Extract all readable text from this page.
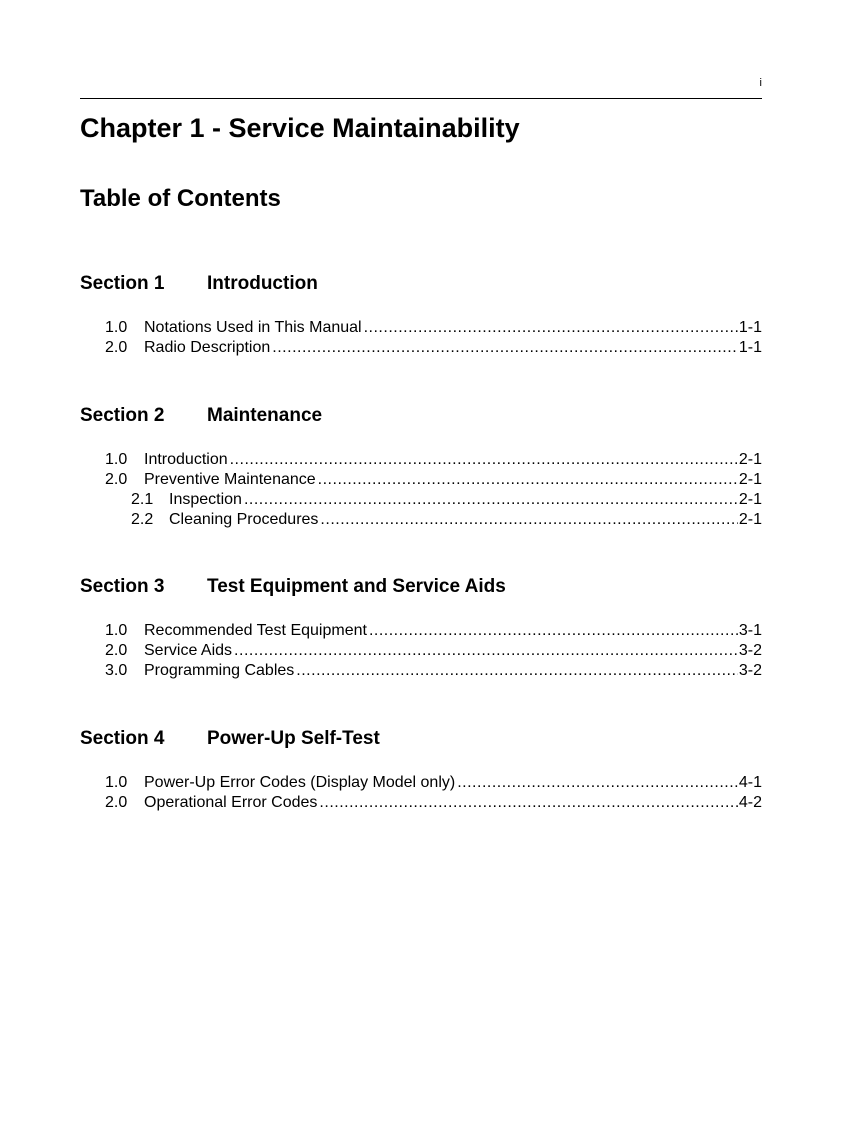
i
Chapter 1 - Service Maintainability
Table of Contents
Section 1 Introduction
1.0	Notations Used in This Manual .....	1-1
2.0	Radio Description .....	1-1
Section 2 Maintenance
1.0	Introduction .....	2-1
2.0	Preventive Maintenance .....	2-1
2.1 Inspection .....	2-1
2.2 Cleaning Procedures .....	2-1
Section 3 Test Equipment and Service Aids
1.0	Recommended Test Equipment .....	3-1
2.0	Service Aids .....	3-2
3.0	Programming Cables .....	3-2
Section 4 Power-Up Self-Test
1.0	Power-Up Error Codes (Display Model only) .....	4-1
2.0	Operational Error Codes .....	4-2
